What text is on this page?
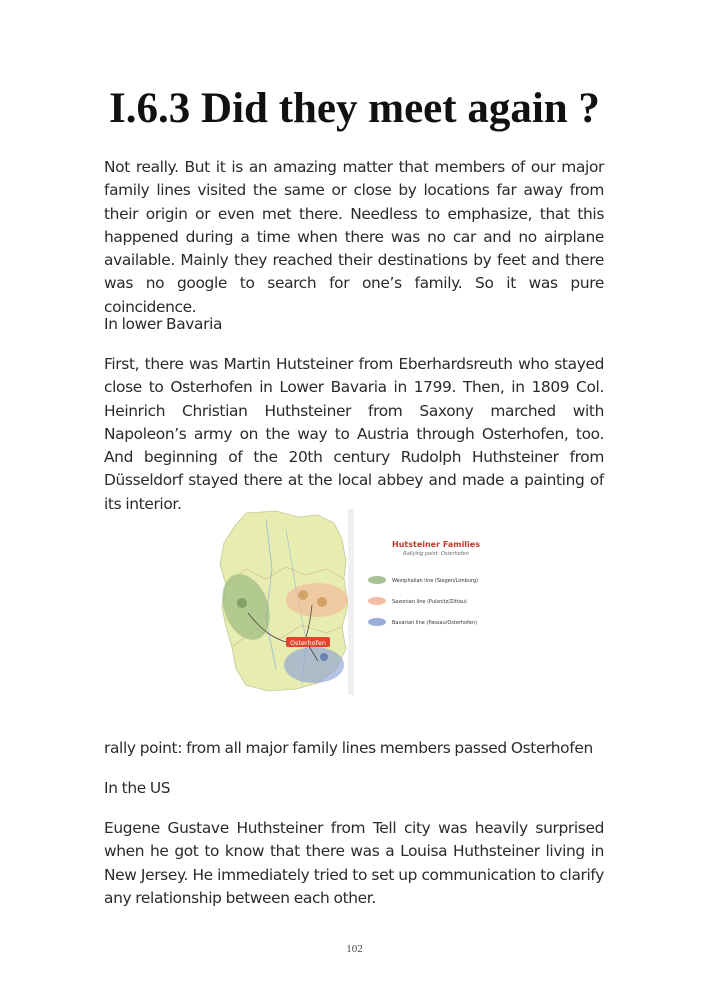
I.6.3 Did they meet again ?

Not really. But it is an amazing matter that members of our major family lines visited the same or close by locations far away from their origin or even met there. Needless to emphasize, that this happened during a time when there was no car and no airplane available. Mainly they reached their destinations by feet and there was no google to search for one’s family. So it was pure coincidence.

In lower Bavaria

First, there was Martin Hutsteiner from Eberhardsreuth who stayed close to Osterhofen in Lower Bavaria in 1799. Then, in 1809 Col. Heinrich Christian Huthsteiner from Saxony marched with Napoleon’s army on the way to Austria through Osterhofen, too. And beginning of the 20th century Rudolph Huthsteiner from Düsseldorf stayed there at the local abbey and made a painting of its interior.

Osterhofen
Hutsteiner Families
Rallying point: Osterhofen
Westphalian line (Siegen/Limburg)
Saxonian line (Pulsnitz/Zittau)
Bavarian line (Passau/Osterhofen)

rally point: from all major family lines members passed Osterhofen

In the US

Eugene Gustave Huthsteiner from Tell city was heavily surprised when he got to know that there was a Louisa Huthsteiner living in New Jersey. He immediately tried to set up communication to clarify any relationship between each other.

102
